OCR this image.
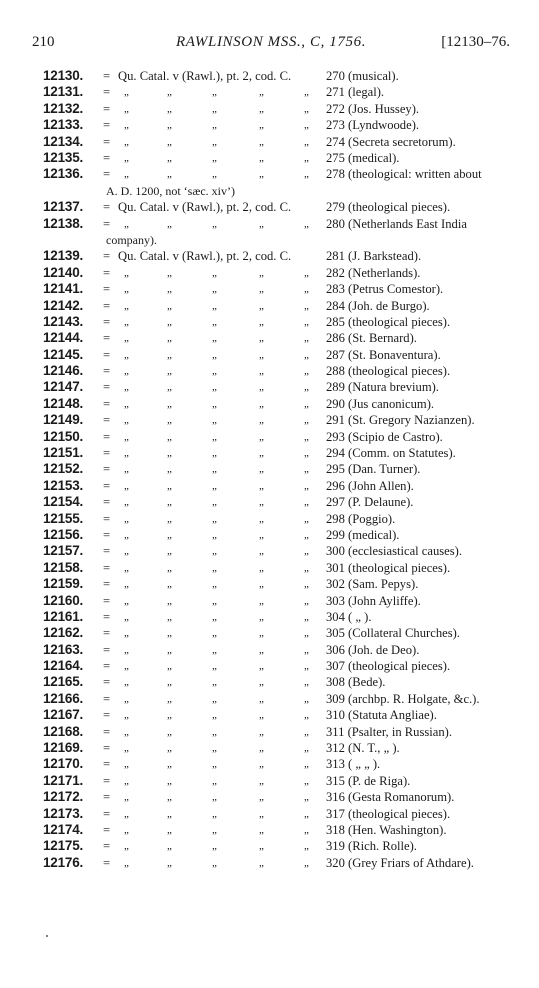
210	RAWLINSON MSS., C, 1756.	[12130–76.
12130. = Qu. Catal. v (Rawl.), pt. 2, cod. C.	270 (musical).
12131. = „	„	„	„	„ 271 (legal).
12132. = „	„	„	„	„ 272 (Jos. Hussey).
12133. = „	„	„	„	„ 273 (Lyndwoode).
12134. = „	„	„	„	„ 274 (Secreta secretorum).
12135. = „	„	„	„	„ 275 (medical).
12136. = „	„	„	„	„ 278 (theological: written about
A. D. 1200, not ‘sæc. xiv’)
12137. = Qu. Catal. v (Rawl.), pt. 2, cod. C.	279 (theological pieces).
12138. = „	„	„	„	„ 280 (Netherlands East India
company).
12139. = Qu. Catal. v (Rawl.), pt. 2, cod. C.	281 (J. Barkstead).
12140. = „	„	„	„	„ 282 (Netherlands).
12141. = „	„	„	„	„ 283 (Petrus Comestor).
12142. = „	„	„	„	„ 284 (Joh. de Burgo).
12143. = „	„	„	„	„ 285 (theological pieces).
12144. = „	„	„	„	„ 286 (St. Bernard).
12145. = „	„	„	„	„ 287 (St. Bonaventura).
12146. = „	„	„	„	„ 288 (theological pieces).
12147. = „	„	„	„	„ 289 (Natura brevium).
12148. = „	„	„	„	„ 290 (Jus canonicum).
12149. = „	„	„	„	„ 291 (St. Gregory Nazianzen).
12150. = „	„	„	„	„ 293 (Scipio de Castro).
12151. = „	„	„	„	„ 294 (Comm. on Statutes).
12152. = „	„	„	„	„ 295 (Dan. Turner).
12153. = „	„	„	„	„ 296 (John Allen).
12154. = „	„	„	„	„ 297 (P. Delaune).
12155. = „	„	„	„	„ 298 (Poggio).
12156. = „	„	„	„	„ 299 (medical).
12157. = „	„	„	„	„ 300 (ecclesiastical causes).
12158. = „	„	„	„	„ 301 (theological pieces).
12159. = „	„	„	„	„ 302 (Sam. Pepys).
12160. = „	„	„	„	„ 303 (John Ayliffe).
12161. = „	„	„	„	„ 304 ( „ ).
12162. = „	„	„	„	„ 305 (Collateral Churches).
12163. = „	„	„	„	„ 306 (Joh. de Deo).
12164. = „	„	„	„	„ 307 (theological pieces).
12165. = „	„	„	„	„ 308 (Bede).
12166. = „	„	„	„	„ 309 (archbp. R. Holgate, &c.).
12167. = „	„	„	„	„ 310 (Statuta Angliae).
12168. = „	„	„	„	„ 311 (Psalter, in Russian).
12169. = „	„	„	„	„ 312 (N. T., „ ).
12170. = „	„	„	„	„ 313 ( „ „ ).
12171. = „	„	„	„	„ 315 (P. de Riga).
12172. = „	„	„	„	„ 316 (Gesta Romanorum).
12173. = „	„	„	„	„ 317 (theological pieces).
12174. = „	„	„	„	„ 318 (Hen. Washington).
12175. = „	„	„	„	„ 319 (Rich. Rolle).
12176. = „	„	„	„	„ 320 (Grey Friars of Athdare).
